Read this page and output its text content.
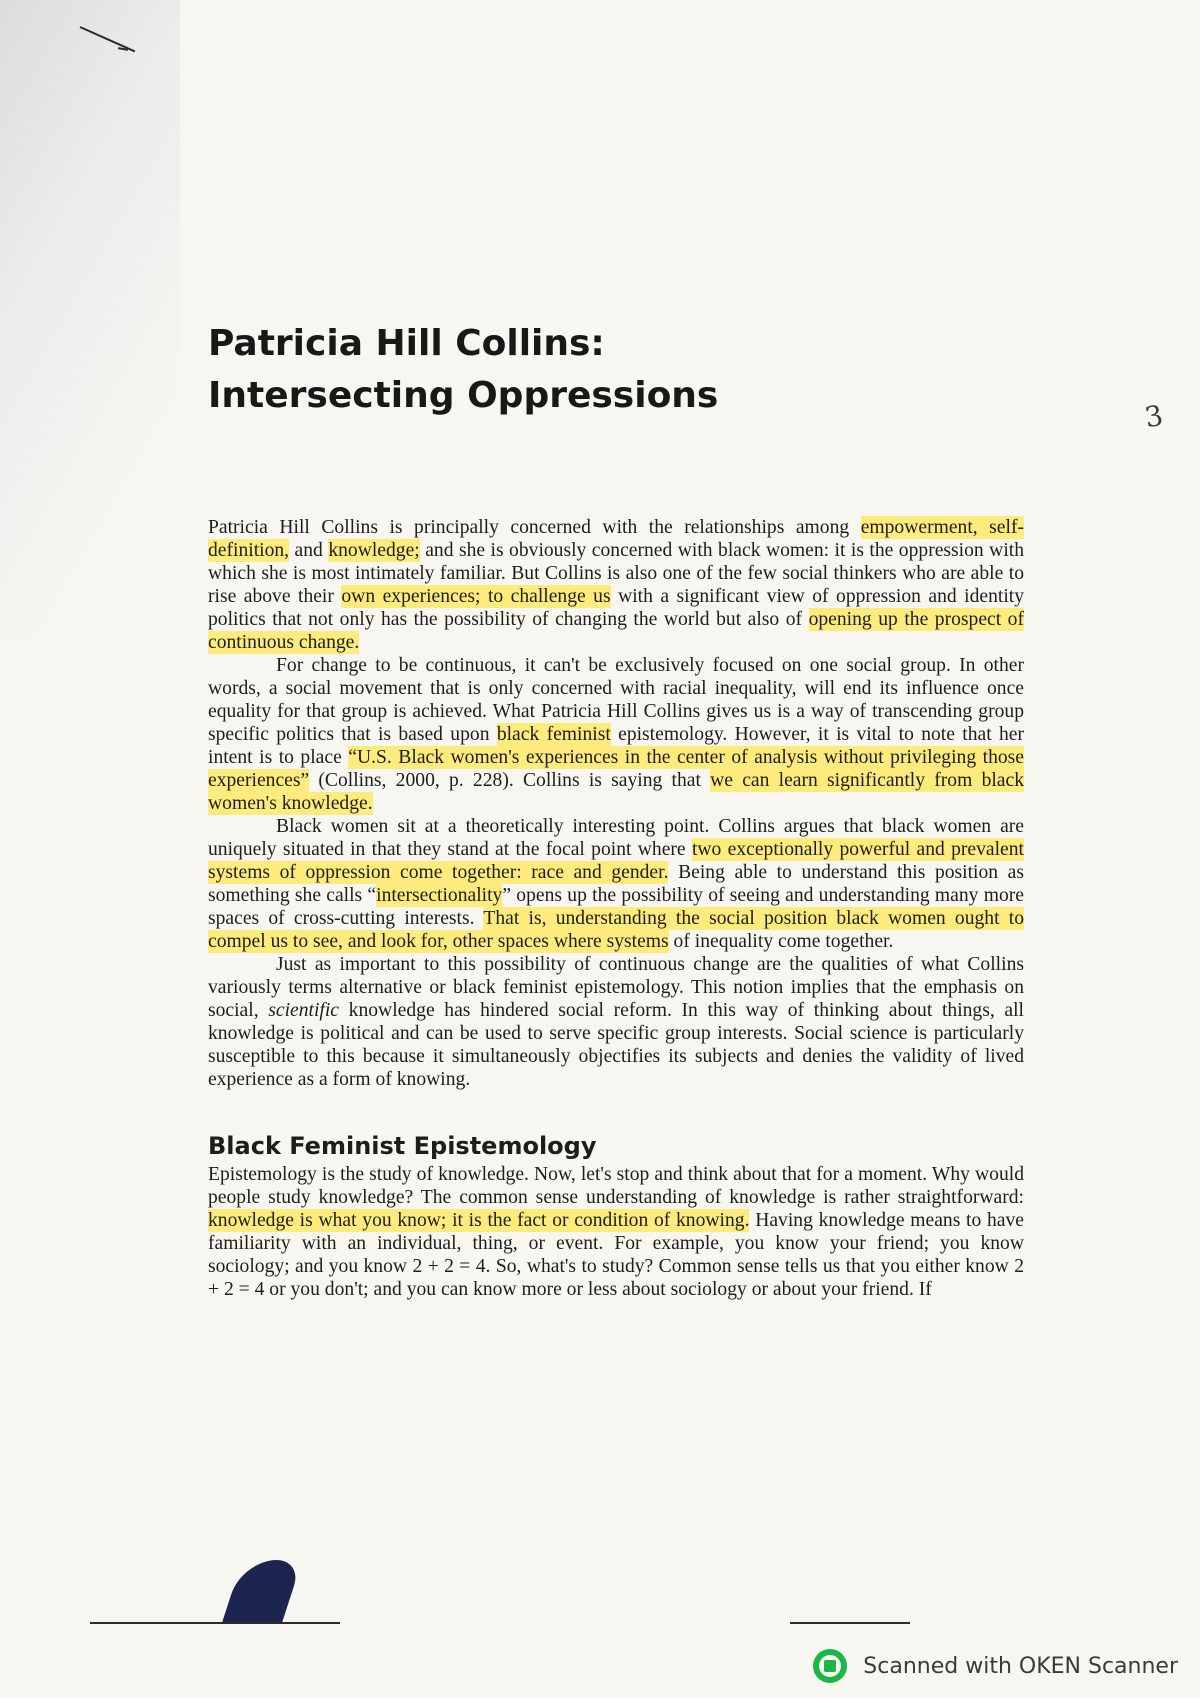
3
Patricia Hill Collins:
Intersecting Oppressions

Patricia Hill Collins is principally concerned with the relationships among empowerment, self-definition, and knowledge; and she is obviously concerned with black women: it is the oppression with which she is most intimately familiar. But Collins is also one of the few social thinkers who are able to rise above their own experiences; to challenge us with a significant view of oppression and identity politics that not only has the possibility of changing the world but also of opening up the prospect of continuous change.

For change to be continuous, it can't be exclusively focused on one social group. In other words, a social movement that is only concerned with racial inequality, will end its influence once equality for that group is achieved. What Patricia Hill Collins gives us is a way of transcending group specific politics that is based upon black feminist epistemology. However, it is vital to note that her intent is to place “U.S. Black women's experiences in the center of analysis without privileging those experiences” (Collins, 2000, p. 228). Collins is saying that we can learn significantly from black women's knowledge.

Black women sit at a theoretically interesting point. Collins argues that black women are uniquely situated in that they stand at the focal point where two exceptionally powerful and prevalent systems of oppression come together: race and gender. Being able to understand this position as something she calls “intersectionality” opens up the possibility of seeing and understanding many more spaces of cross-cutting interests. That is, understanding the social position black women ought to compel us to see, and look for, other spaces where systems of inequality come together.

Just as important to this possibility of continuous change are the qualities of what Collins variously terms alternative or black feminist epistemology. This notion implies that the emphasis on social, scientific knowledge has hindered social reform. In this way of thinking about things, all knowledge is political and can be used to serve specific group interests. Social science is particularly susceptible to this because it simultaneously objectifies its subjects and denies the validity of lived experience as a form of knowing.

Black Feminist Epistemology

Epistemology is the study of knowledge. Now, let's stop and think about that for a moment. Why would people study knowledge? The common sense understanding of knowledge is rather straightforward: knowledge is what you know; it is the fact or condition of knowing. Having knowledge means to have familiarity with an individual, thing, or event. For example, you know your friend; you know sociology; and you know 2 + 2 = 4. So, what's to study? Common sense tells us that you either know 2 + 2 = 4 or you don't; and you can know more or less about sociology or about your friend. If

Scanned with OKEN Scanner
